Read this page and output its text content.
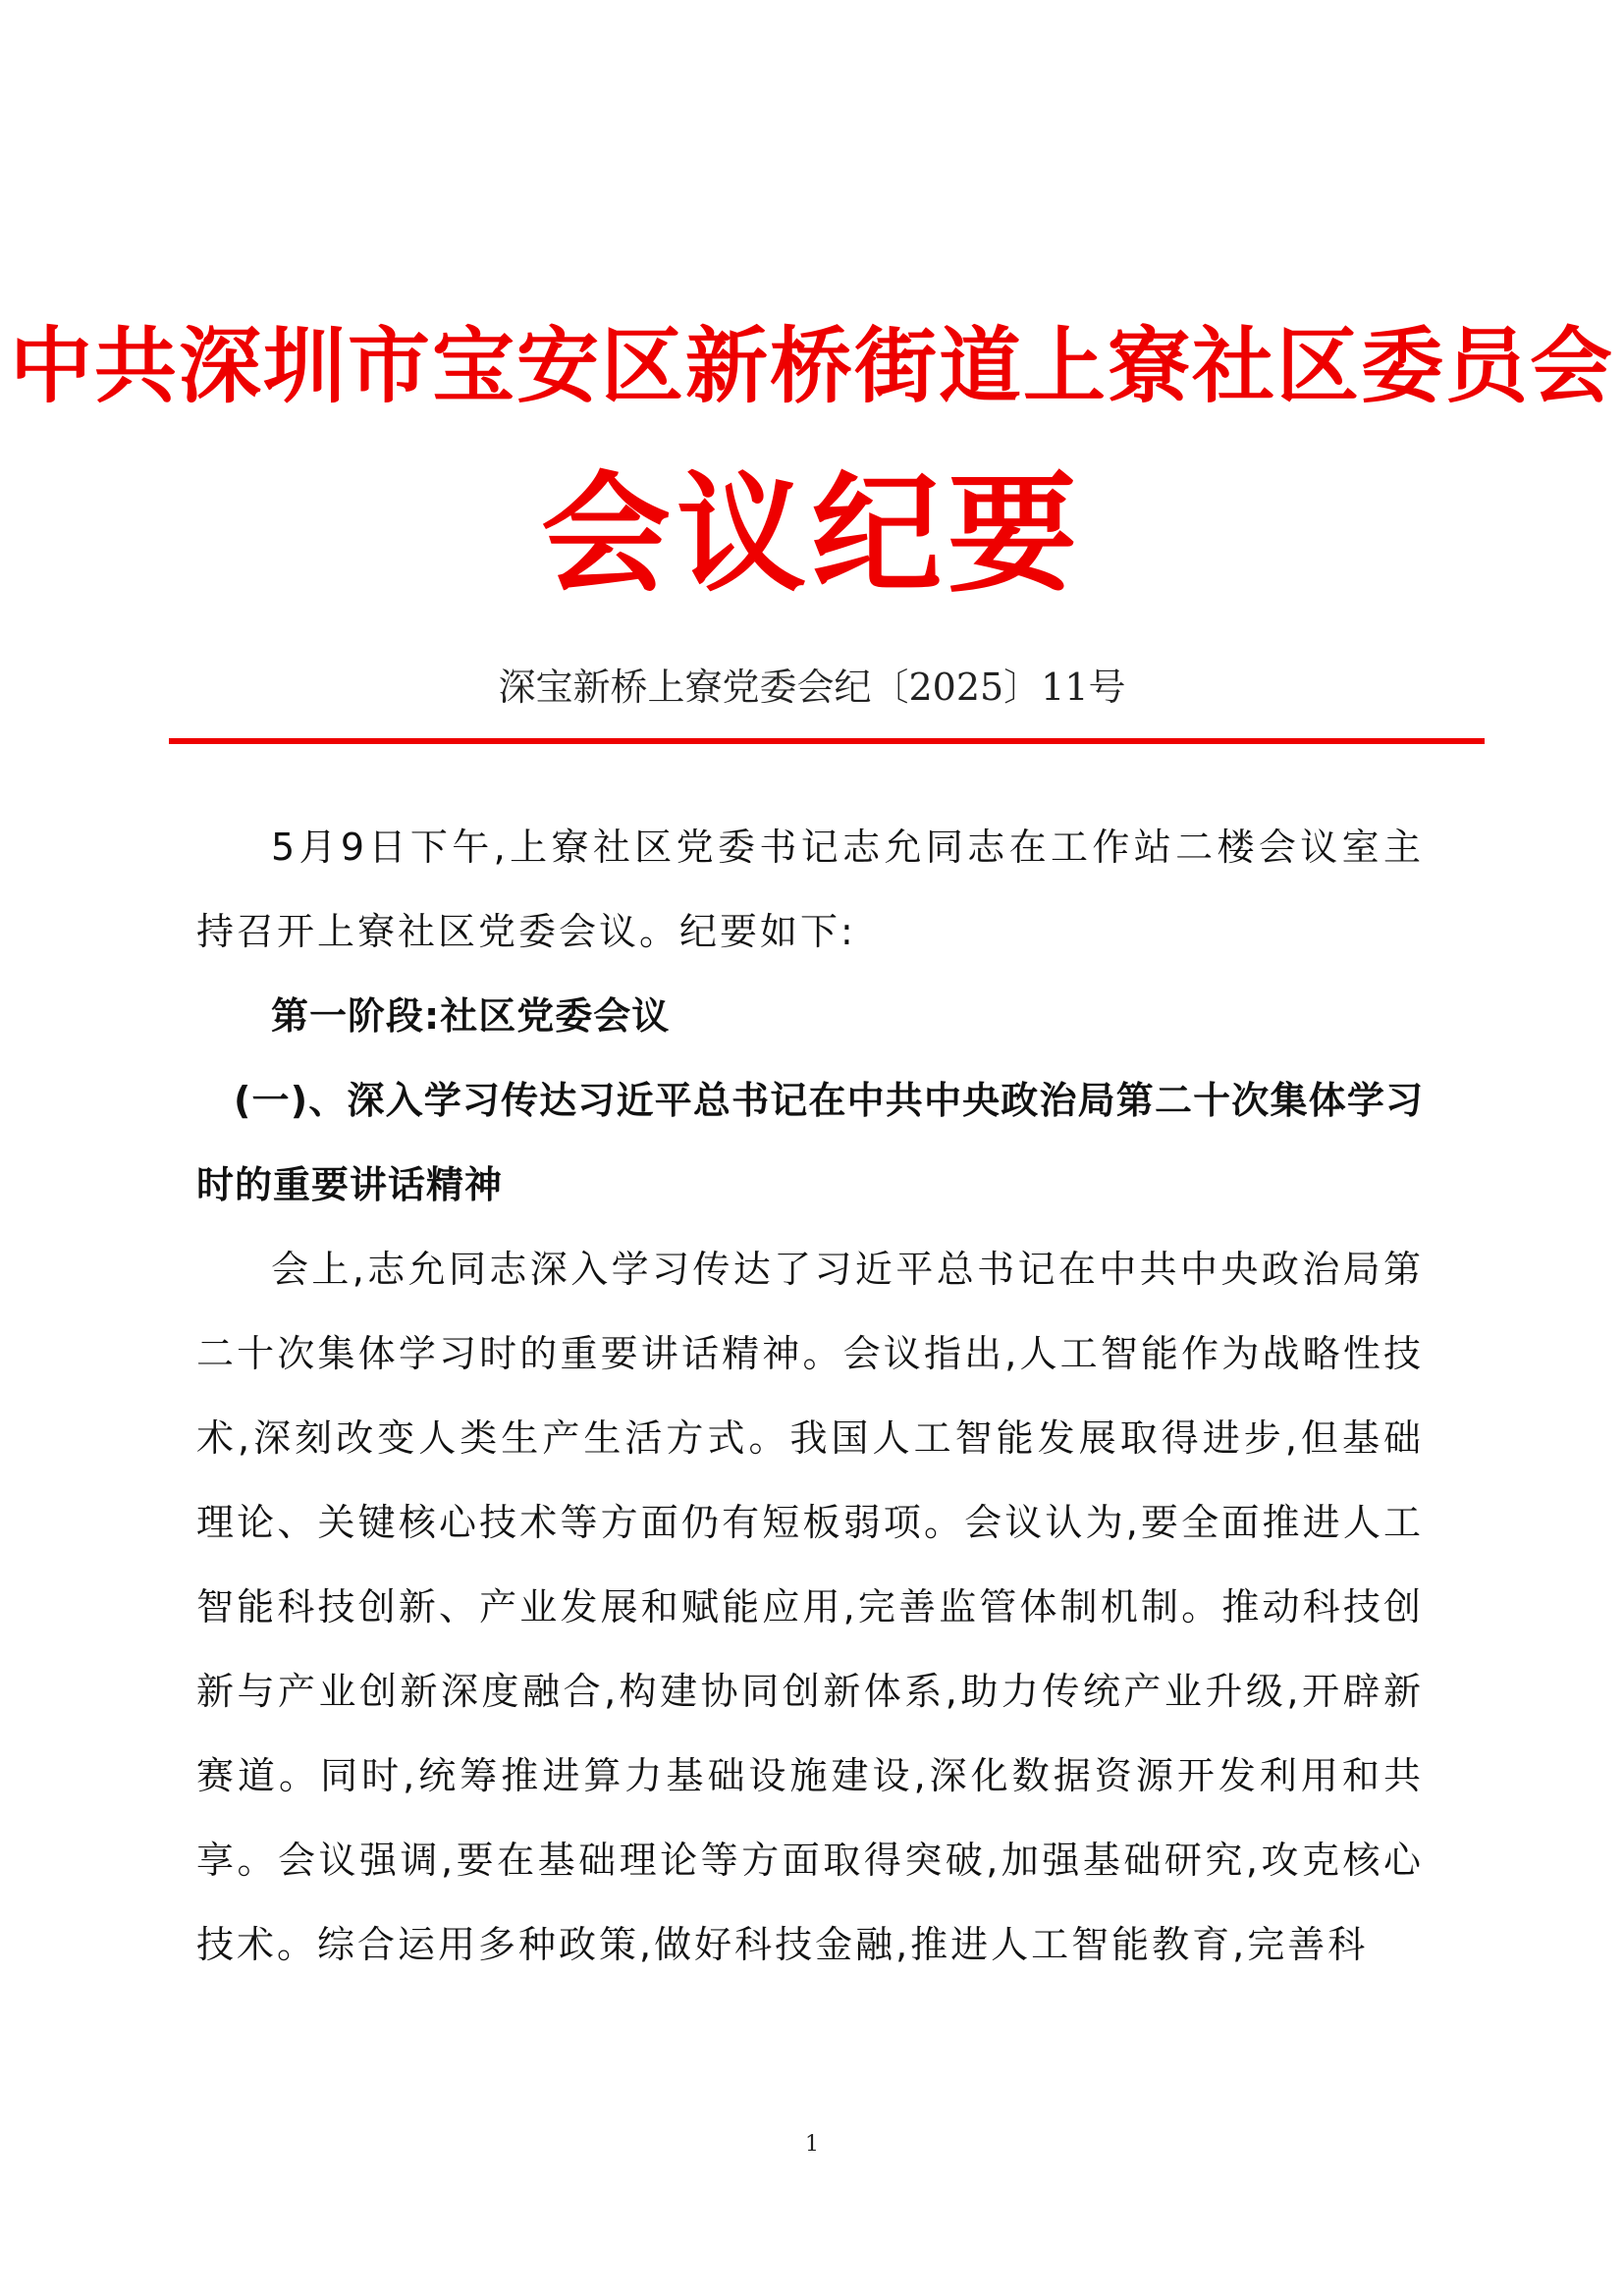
中共深圳市宝安区新桥街道上寮社区委员会
会议纪要
深宝新桥上寮党委会纪〔2025〕11号

5月9日下午,上寮社区党委书记志允同志在工作站二楼会议室主持召开上寮社区党委会议。纪要如下:

第一阶段:社区党委会议

(一)、深入学习传达习近平总书记在中共中央政治局第二十次集体学习时的重要讲话精神

会上,志允同志深入学习传达了习近平总书记在中共中央政治局第二十次集体学习时的重要讲话精神。会议指出,人工智能作为战略性技术,深刻改变人类生产生活方式。我国人工智能发展取得进步,但基础理论、关键核心技术等方面仍有短板弱项。会议认为,要全面推进人工智能科技创新、产业发展和赋能应用,完善监管体制机制。推动科技创新与产业创新深度融合,构建协同创新体系,助力传统产业升级,开辟新赛道。同时,统筹推进算力基础设施建设,深化数据资源开发利用和共享。会议强调,要在基础理论等方面取得突破,加强基础研究,攻克核心技术。综合运用多种政策,做好科技金融,推进人工智能教育,完善科

1
